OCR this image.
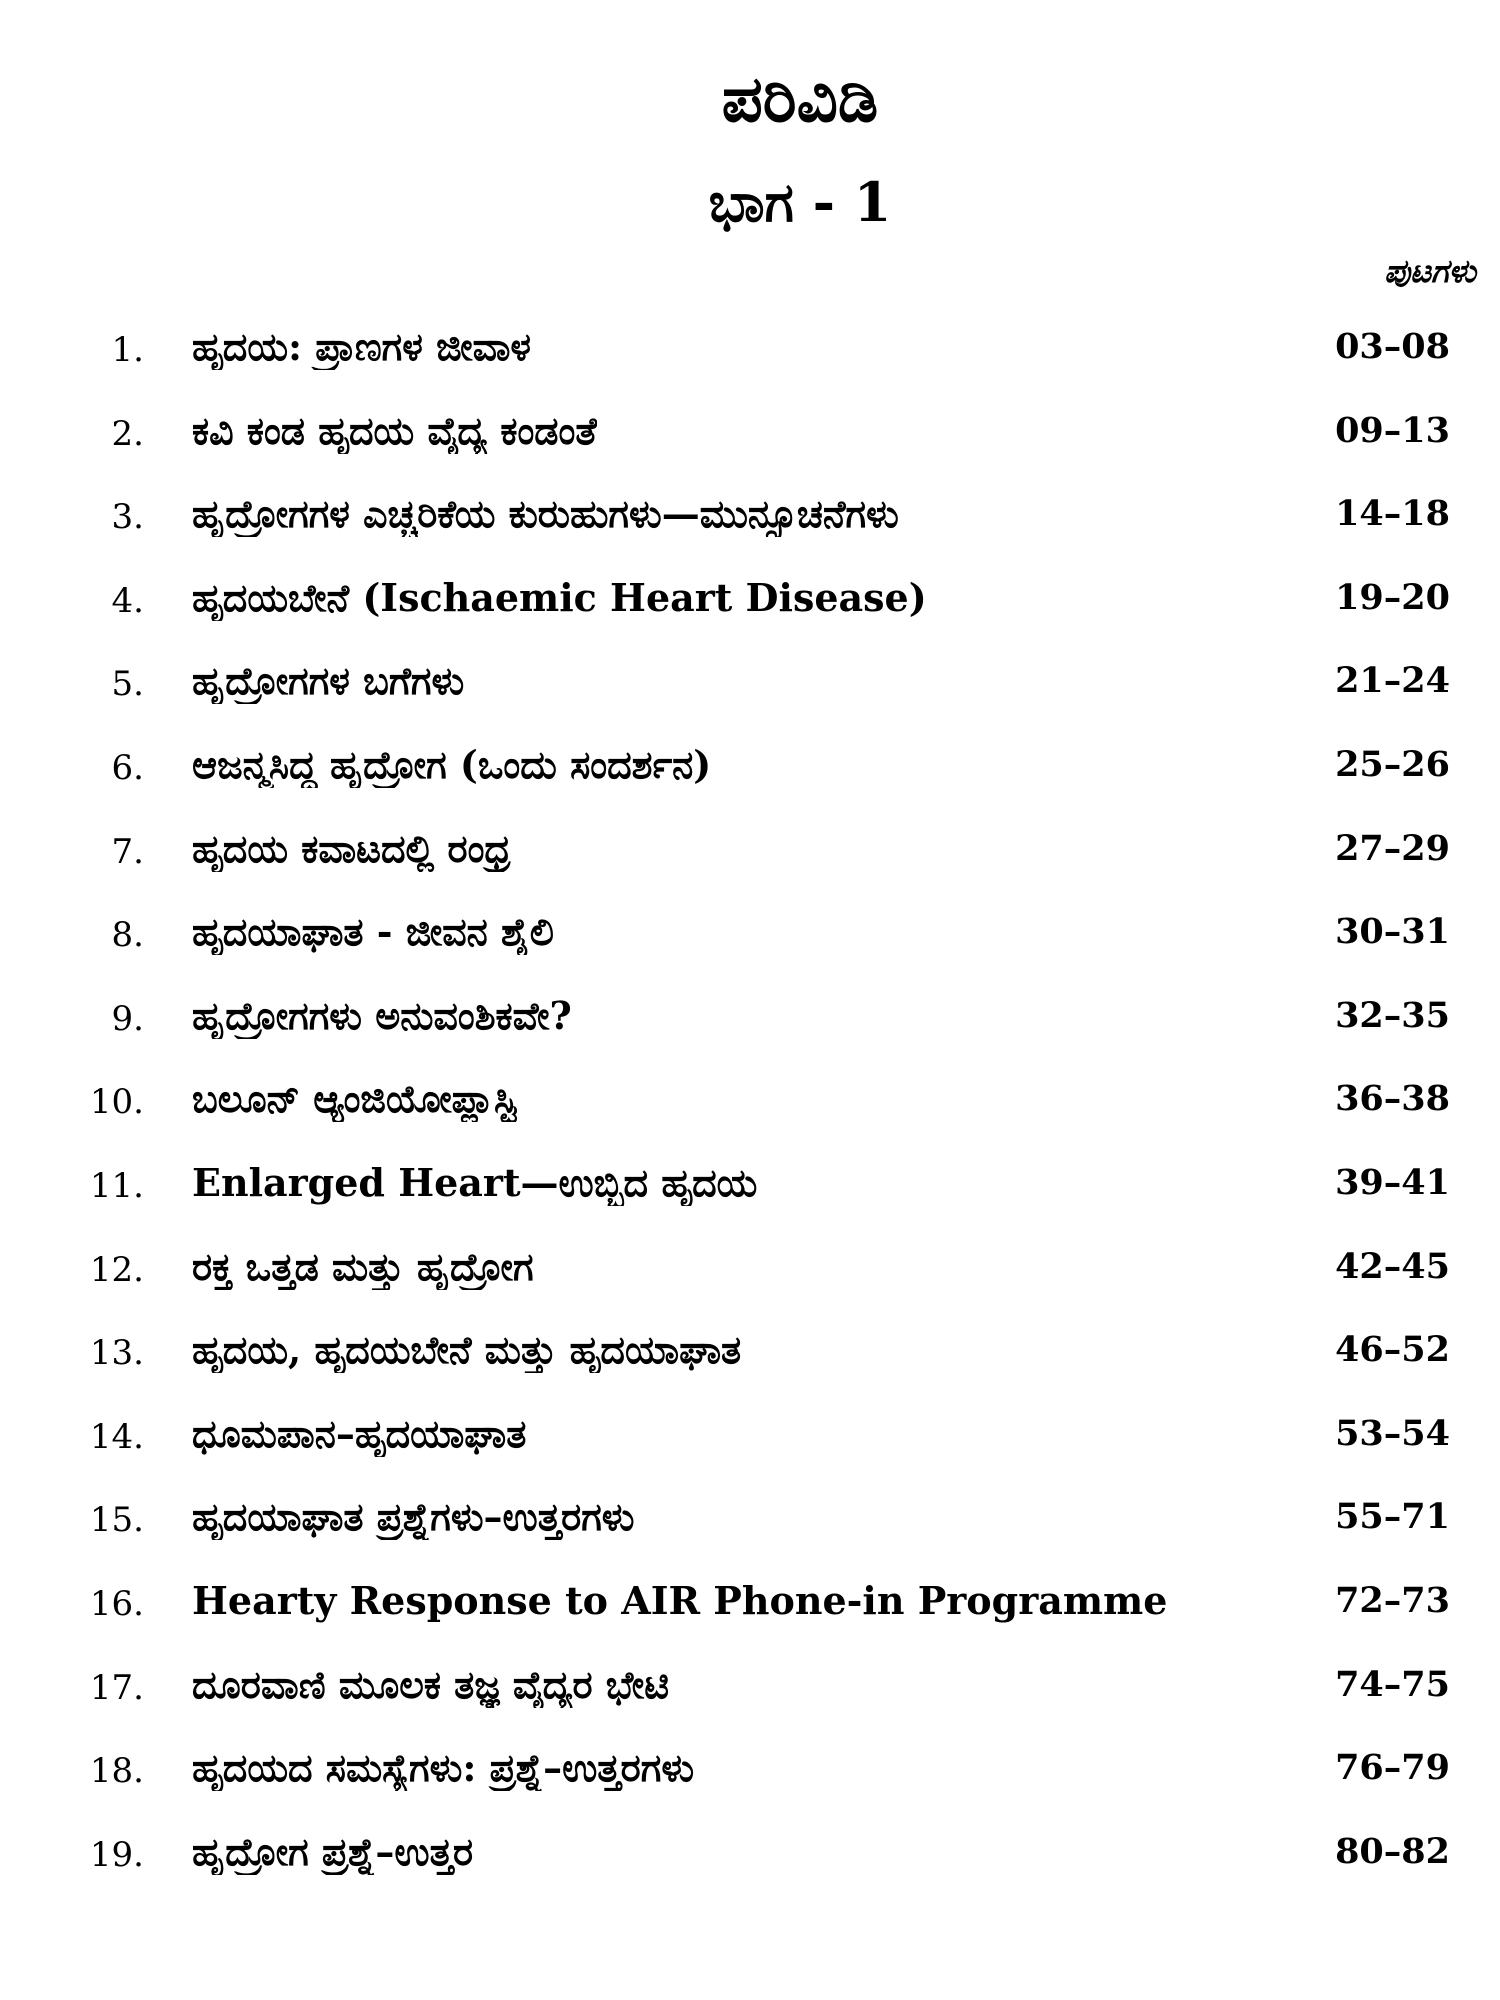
ಪರಿವಿಡಿ
ಭಾಗ - 1
ಪುಟಗಳು
1. ಹೃದಯ: ಪ್ರಾಣಗಳ ಜೀವಾಳ	03–08
2. ಕವಿ ಕಂಡ ಹೃದಯ ವೈದ್ಯ ಕಂಡಂತೆ	09–13
3. ಹೃದ್ರೋಗಗಳ ಎಚ್ಚರಿಕೆಯ ಕುರುಹುಗಳು—ಮುನ್ಸೂಚನೆಗಳು	14–18
4. ಹೃದಯಬೇನೆ (Ischaemic Heart Disease)	19–20
5. ಹೃದ್ರೋಗಗಳ ಬಗೆಗಳು	21–24
6. ಆಜನ್ಮಸಿದ್ಧ ಹೃದ್ರೋಗ (ಒಂದು ಸಂದರ್ಶನ)	25–26
7. ಹೃದಯ ಕವಾಟದಲ್ಲಿ ರಂಧ್ರ	27–29
8. ಹೃದಯಾಘಾತ - ಜೀವನ ಶೈಲಿ	30–31
9. ಹೃದ್ರೋಗಗಳು ಅನುವಂಶಿಕವೇ?	32–35
10. ಬಲೂನ್ ಆ್ಯಂಜಿಯೋಪ್ಲಾಸ್ಟಿ	36–38
11. Enlarged Heart—ಉಬ್ಬಿದ ಹೃದಯ	39–41
12. ರಕ್ತ ಒತ್ತಡ ಮತ್ತು ಹೃದ್ರೋಗ	42–45
13. ಹೃದಯ, ಹೃದಯಬೇನೆ ಮತ್ತು ಹೃದಯಾಘಾತ	46–52
14. ಧೂಮಪಾನ–ಹೃದಯಾಘಾತ	53–54
15. ಹೃದಯಾಘಾತ ಪ್ರಶ್ನೆಗಳು–ಉತ್ತರಗಳು	55–71
16. Hearty Response to AIR Phone-in Programme	72–73
17. ದೂರವಾಣಿ ಮೂಲಕ ತಜ್ಞ ವೈದ್ಯರ ಭೇಟಿ	74–75
18. ಹೃದಯದ ಸಮಸ್ಯೆಗಳು: ಪ್ರಶ್ನೆ–ಉತ್ತರಗಳು	76–79
19. ಹೃದ್ರೋಗ ಪ್ರಶ್ನೆ–ಉತ್ತರ	80–82
